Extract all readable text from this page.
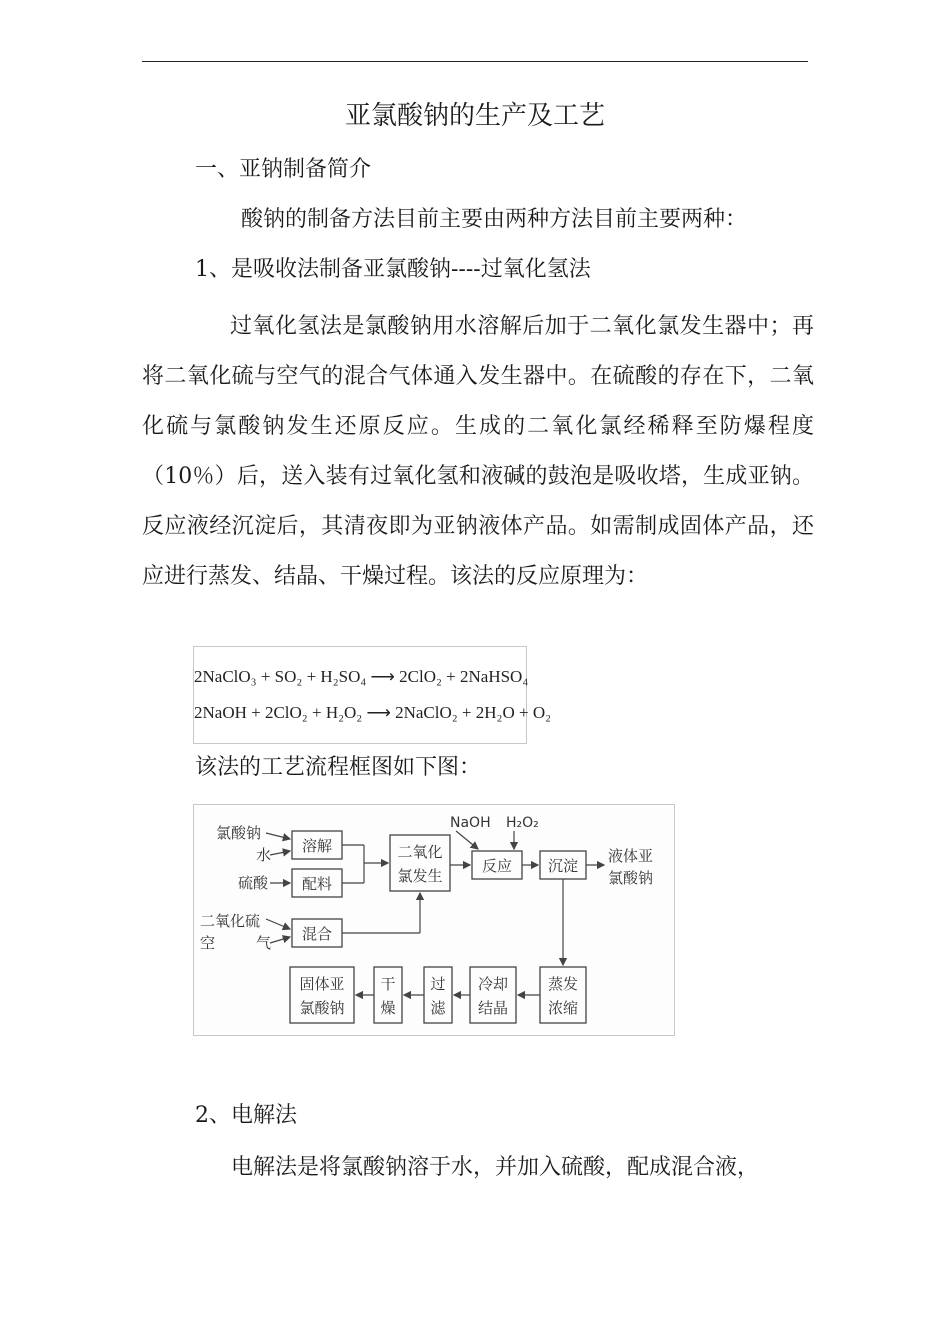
亚氯酸钠的生产及工艺
一、亚钠制备简介
酸钠的制备方法目前主要由两种方法目前主要两种：
1、是吸收法制备亚氯酸钠----过氧化氢法

过氧化氢法是氯酸钠用水溶解后加于二氧化氯发生器中；再将二氧化硫与空气的混合气体通入发生器中。在硫酸的存在下，二氧化硫与氯酸钠发生还原反应。生成的二氧化氯经稀释至防爆程度（10％）后，送入装有过氧化氢和液碱的鼓泡是吸收塔，生成亚钠。反应液经沉淀后，其清夜即为亚钠液体产品。如需制成固体产品，还应进行蒸发、结晶、干燥过程。该法的反应原理为：

2NaClO₃ + SO₂ + H₂SO₄ ⟶ 2ClO₂ + 2NaHSO₄
2NaOH + 2ClO₂ + H₂O₂ ⟶ 2NaClO₂ + 2H₂O + O₂
该法的工艺流程框图如下图：
氯酸钠
水
硫酸
二氧化硫
空	气
NaOH H₂O₂
溶解
配料
混合
二氧化
氯发生
反应 沉淀
液体亚
氯酸钠
蒸发
浓缩
冷却
结晶
过
滤
干
燥
固体亚
氯酸钠
2、电解法
电解法是将氯酸钠溶于水，并加入硫酸，配成混合液，
